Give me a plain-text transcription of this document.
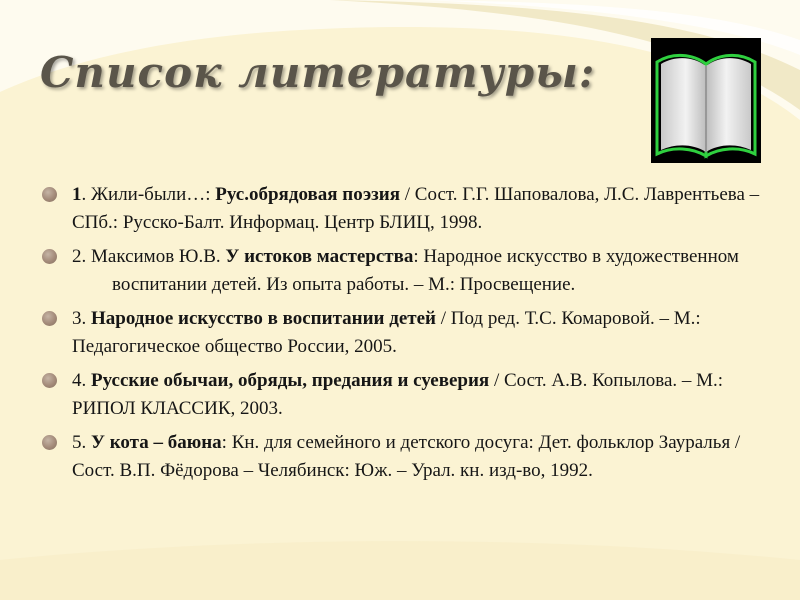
Список литературы:
1. Жили-были…: Рус.обрядовая поэзия / Сост. Г.Г. Шаповалова, Л.С. Лаврентьева – СПб.: Русско-Балт. Информац. Центр БЛИЦ, 1998.
2. Максимов Ю.В. У истоков мастерства: Народное искусство в художественномвоспитании детей. Из опыта работы. – М.: Просвещение.
3. Народное искусство в воспитании детей / Под ред. Т.С. Комаровой. – М.: Педагогическое общество России, 2005.
4. Русские обычаи, обряды, предания и суеверия / Сост. А.В. Копылова. – М.: РИПОЛ КЛАССИК, 2003.
5. У кота – баюна: Кн. для семейного и детского досуга: Дет. фольклор Зауралья / Сост. В.П. Фёдорова – Челябинск: Юж. – Урал. кн. изд-во, 1992.
